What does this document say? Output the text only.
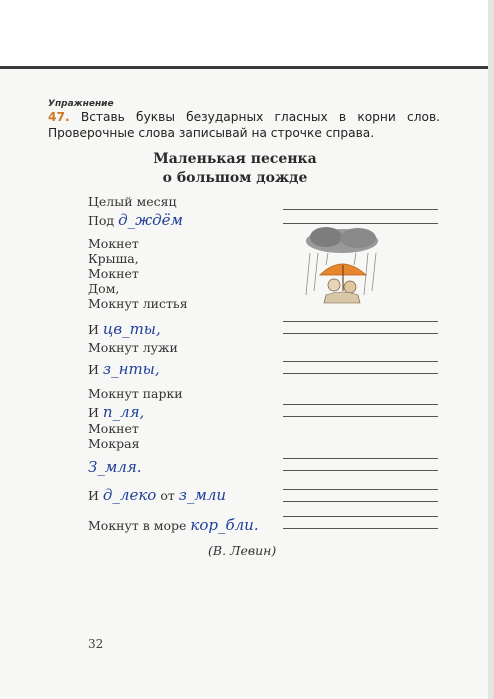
Упражнение
47. Вставь буквы безударных гласных в корни слов. Проверочные слова записывай на строчке справа.
Маленькая песенка
о большом дожде
Целый месяц
Под д_ждём
Мокнет
Крыша,
Мокнет
Дом,
Мокнут листья
И цв_ты,
Мокнут лужи
И з_нты,
Мокнут парки
И п_ля,
Мокнет
Мокрая
З_мля.
И д_леко от з_мли
Мокнут в море кор_бли.
(В. Левин)
32
